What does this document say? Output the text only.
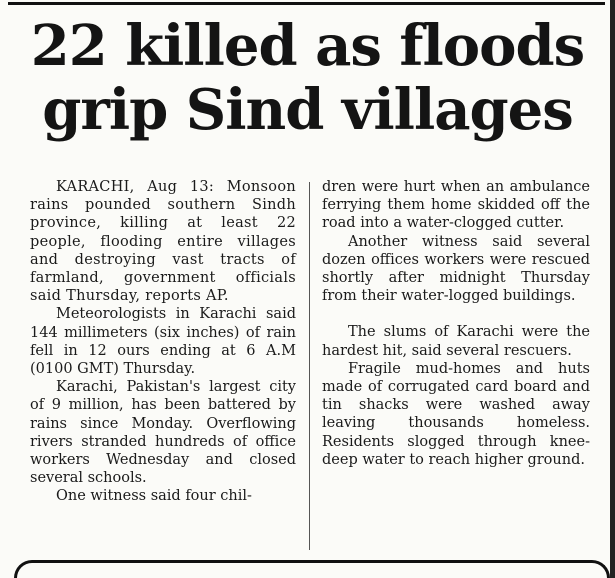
22 killed as floods
grip Sind villages

KARACHI, Aug 13: Monsoon rains pounded southern Sindh province, killing at least 22 people, flooding entire villages and destroying vast tracts of farmland, government officials said Thursday, reports AP.

Meteorologists in Karachi said 144 millimeters (six inches) of rain fell in 12 ours ending at 6 A.M (0100 GMT) Thursday.

Karachi, Pakistan's largest city of 9 million, has been battered by rains since Monday. Overflowing rivers stranded hundreds of office workers Wednesday and closed several schools.

One witness said four chil-

dren were hurt when an ambulance ferrying them home skidded off the road into a water-clogged cutter.

Another witness said several dozen offices workers were rescued shortly after midnight Thursday from their water-logged buildings.

The slums of Karachi were the hardest hit, said several rescuers.

Fragile mud-homes and huts made of corrugated card board and tin shacks were washed away leaving thousands homeless. Residents slogged through knee-deep water to reach higher ground.
